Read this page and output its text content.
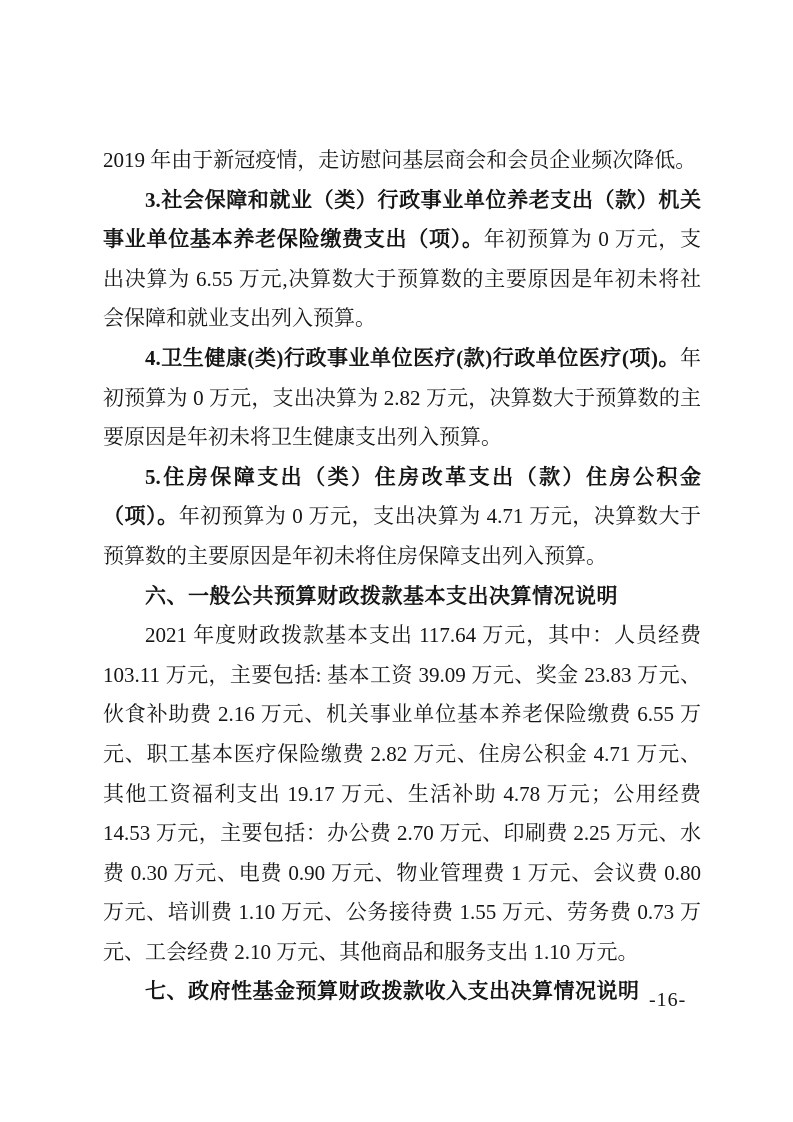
2019 年由于新冠疫情，走访慰问基层商会和会员企业频次降低。
3.社会保障和就业（类）行政事业单位养老支出（款）机关事业单位基本养老保险缴费支出（项）。年初预算为 0 万元，支出决算为 6.55 万元,决算数大于预算数的主要原因是年初未将社会保障和就业支出列入预算。
4.卫生健康(类)行政事业单位医疗(款)行政单位医疗(项)。年初预算为 0 万元，支出决算为 2.82 万元，决算数大于预算数的主要原因是年初未将卫生健康支出列入预算。
5.住房保障支出（类）住房改革支出（款）住房公积金（项）。年初预算为 0 万元，支出决算为 4.71 万元，决算数大于预算数的主要原因是年初未将住房保障支出列入预算。
六、一般公共预算财政拨款基本支出决算情况说明
2021 年度财政拨款基本支出 117.64 万元，其中：人员经费 103.11 万元，主要包括: 基本工资 39.09 万元、奖金 23.83 万元、伙食补助费 2.16 万元、机关事业单位基本养老保险缴费 6.55 万元、职工基本医疗保险缴费 2.82 万元、住房公积金 4.71 万元、其他工资福利支出 19.17 万元、生活补助 4.78 万元；公用经费 14.53 万元，主要包括：办公费 2.70 万元、印刷费 2.25 万元、水费 0.30 万元、电费 0.90 万元、物业管理费 1 万元、会议费 0.80 万元、培训费 1.10 万元、公务接待费 1.55 万元、劳务费 0.73 万元、工会经费 2.10 万元、其他商品和服务支出 1.10 万元。
七、政府性基金预算财政拨款收入支出决算情况说明 -16-
